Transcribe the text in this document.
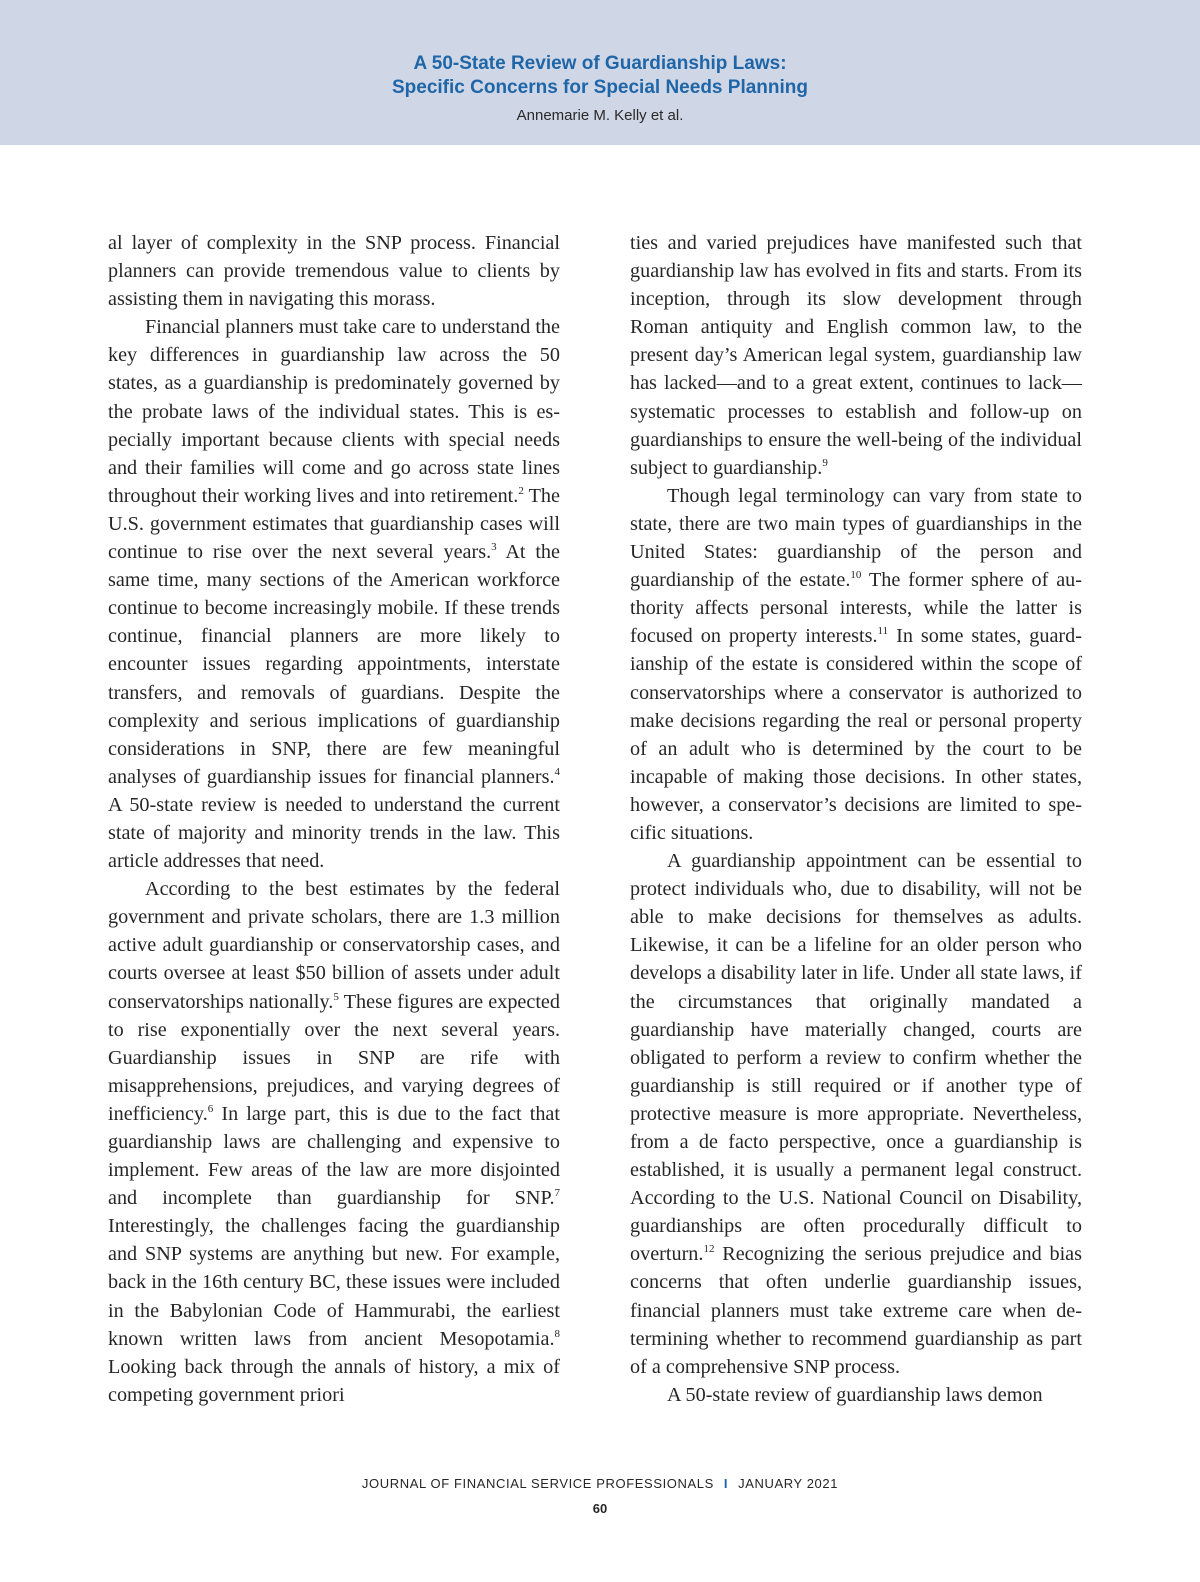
A 50-State Review of Guardianship Laws:
Specific Concerns for Special Needs Planning
Annemarie M. Kelly et al.

al layer of complexity in the SNP process. Financial planners can provide tremendous value to clients by assisting them in navigating this morass.

Financial planners must take care to understand the key differences in guardianship law across the 50 states, as a guardianship is predominately governed by the probate laws of the individual states. This is especially important because clients with special needs and their families will come and go across state lines throughout their working lives and into retirement.$^2$ The U.S. government estimates that guardianship cases will continue to rise over the next several years.$^3$ At the same time, many sections of the American workforce continue to become increasingly mobile. If these trends continue, financial planners are more likely to encounter issues regarding appointments, interstate transfers, and removals of guardians. Despite the complexity and serious implications of guardianship considerations in SNP, there are few meaningful analyses of guardianship issues for financial planners.$^4$ A 50-state review is needed to understand the current state of majority and minority trends in the law. This article addresses that need.

According to the best estimates by the federal government and private scholars, there are 1.3 million active adult guardianship or conservatorship cases, and courts oversee at least $50 billion of assets under adult conservatorships nationally.$^5$ These figures are expected to rise exponentially over the next several years. Guardianship issues in SNP are rife with misapprehensions, prejudices, and varying degrees of inefficiency.$^6$ In large part, this is due to the fact that guardianship laws are challenging and expensive to implement. Few areas of the law are more disjointed and incomplete than guardianship for SNP.$^7$ Interestingly, the challenges facing the guardianship and SNP systems are anything but new. For example, back in the 16th century BC, these issues were included in the Babylonian Code of Hammurabi, the earliest known written laws from ancient Mesopotamia.$^8$ Looking back through the annals of history, a mix of competing government priori

ties and varied prejudices have manifested such that guardianship law has evolved in fits and starts. From its inception, through its slow development through Roman antiquity and English common law, to the present day’s American legal system, guardianship law has lacked—and to a great extent, continues to lack—systematic processes to establish and follow-up on guardianships to ensure the well-being of the individual subject to guardianship.$^9$

Though legal terminology can vary from state to state, there are two main types of guardianships in the United States: guardianship of the person and guardianship of the estate.$^{10}$ The former sphere of authority affects personal interests, while the latter is focused on property interests.$^{11}$ In some states, guardianship of the estate is considered within the scope of conservatorships where a conservator is authorized to make decisions regarding the real or personal property of an adult who is determined by the court to be incapable of making those decisions. In other states, however, a conservator’s decisions are limited to specific situations.

A guardianship appointment can be essential to protect individuals who, due to disability, will not be able to make decisions for themselves as adults. Likewise, it can be a lifeline for an older person who develops a disability later in life. Under all state laws, if the circumstances that originally mandated a guardianship have materially changed, courts are obligated to perform a review to confirm whether the guardianship is still required or if another type of protective measure is more appropriate. Nevertheless, from a de facto perspective, once a guardianship is established, it is usually a permanent legal construct. According to the U.S. National Council on Disability, guardianships are often procedurally difficult to overturn.$^{12}$ Recognizing the serious prejudice and bias concerns that often underlie guardianship issues, financial planners must take extreme care when determining whether to recommend guardianship as part of a comprehensive SNP process.

A 50-state review of guardianship laws demon

JOURNAL OF FINANCIAL SERVICE PROFESSIONALS I JANUARY 2021
60
